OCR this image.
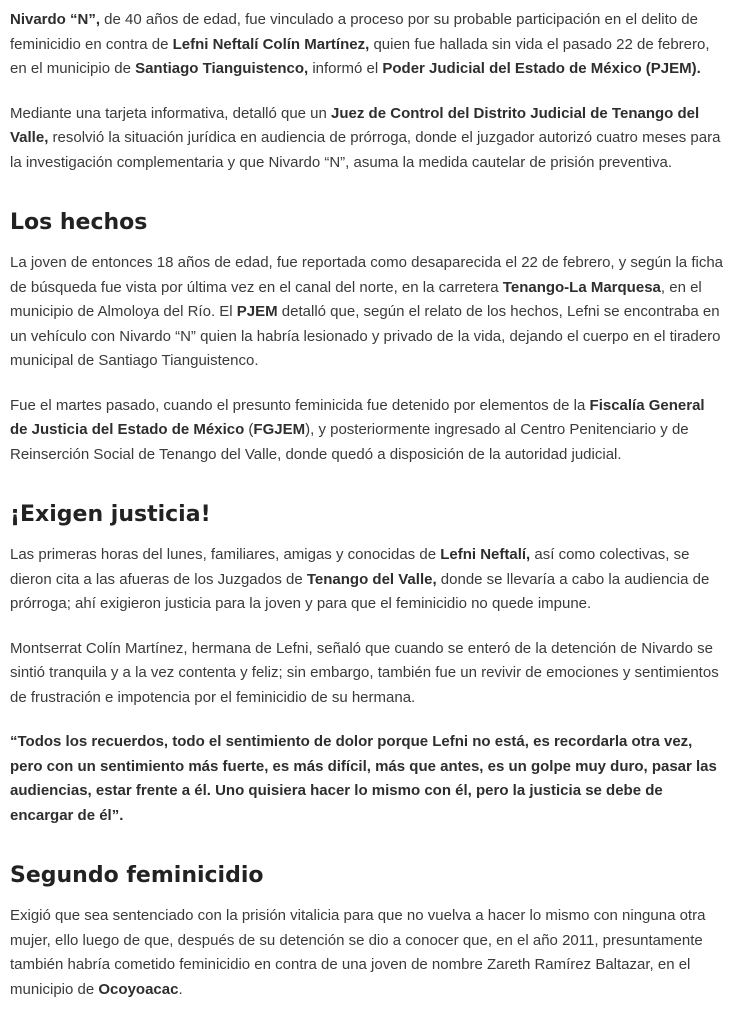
Nivardo “N”, de 40 años de edad, fue vinculado a proceso por su probable participación en el delito de feminicidio en contra de Lefni Neftalí Colín Martínez, quien fue hallada sin vida el pasado 22 de febrero, en el municipio de Santiago Tianguistenco, informó el Poder Judicial del Estado de México (PJEM).

Mediante una tarjeta informativa, detalló que un Juez de Control del Distrito Judicial de Tenango del Valle, resolvió la situación jurídica en audiencia de prórroga, donde el juzgador autorizó cuatro meses para la investigación complementaria y que Nivardo “N”, asuma la medida cautelar de prisión preventiva.

Los hechos

La joven de entonces 18 años de edad, fue reportada como desaparecida el 22 de febrero, y según la ficha de búsqueda fue vista por última vez en el canal del norte, en la carretera Tenango-La Marquesa, en el municipio de Almoloya del Río. El PJEM detalló que, según el relato de los hechos, Lefni se encontraba en un vehículo con Nivardo “N” quien la habría lesionado y privado de la vida, dejando el cuerpo en el tiradero municipal de Santiago Tianguistenco.

Fue el martes pasado, cuando el presunto feminicida fue detenido por elementos de la Fiscalía General de Justicia del Estado de México (FGJEM), y posteriormente ingresado al Centro Penitenciario y de Reinserción Social de Tenango del Valle, donde quedó a disposición de la autoridad judicial.

¡Exigen justicia!

Las primeras horas del lunes, familiares, amigas y conocidas de Lefni Neftalí, así como colectivas, se dieron cita a las afueras de los Juzgados de Tenango del Valle, donde se llevaría a cabo la audiencia de prórroga; ahí exigieron justicia para la joven y para que el feminicidio no quede impune.

Montserrat Colín Martínez, hermana de Lefni, señaló que cuando se enteró de la detención de Nivardo se sintió tranquila y a la vez contenta y feliz; sin embargo, también fue un revivir de emociones y sentimientos de frustración e impotencia por el feminicidio de su hermana.

“Todos los recuerdos, todo el sentimiento de dolor porque Lefni no está, es recordarla otra vez, pero con un sentimiento más fuerte, es más difícil, más que antes, es un golpe muy duro, pasar las audiencias, estar frente a él. Uno quisiera hacer lo mismo con él, pero la justicia se debe de encargar de él”.

Segundo feminicidio

Exigió que sea sentenciado con la prisión vitalicia para que no vuelva a hacer lo mismo con ninguna otra mujer, ello luego de que, después de su detención se dio a conocer que, en el año 2011, presuntamente también habría cometido feminicidio en contra de una joven de nombre Zareth Ramírez Baltazar, en el municipio de Ocoyoacac.
